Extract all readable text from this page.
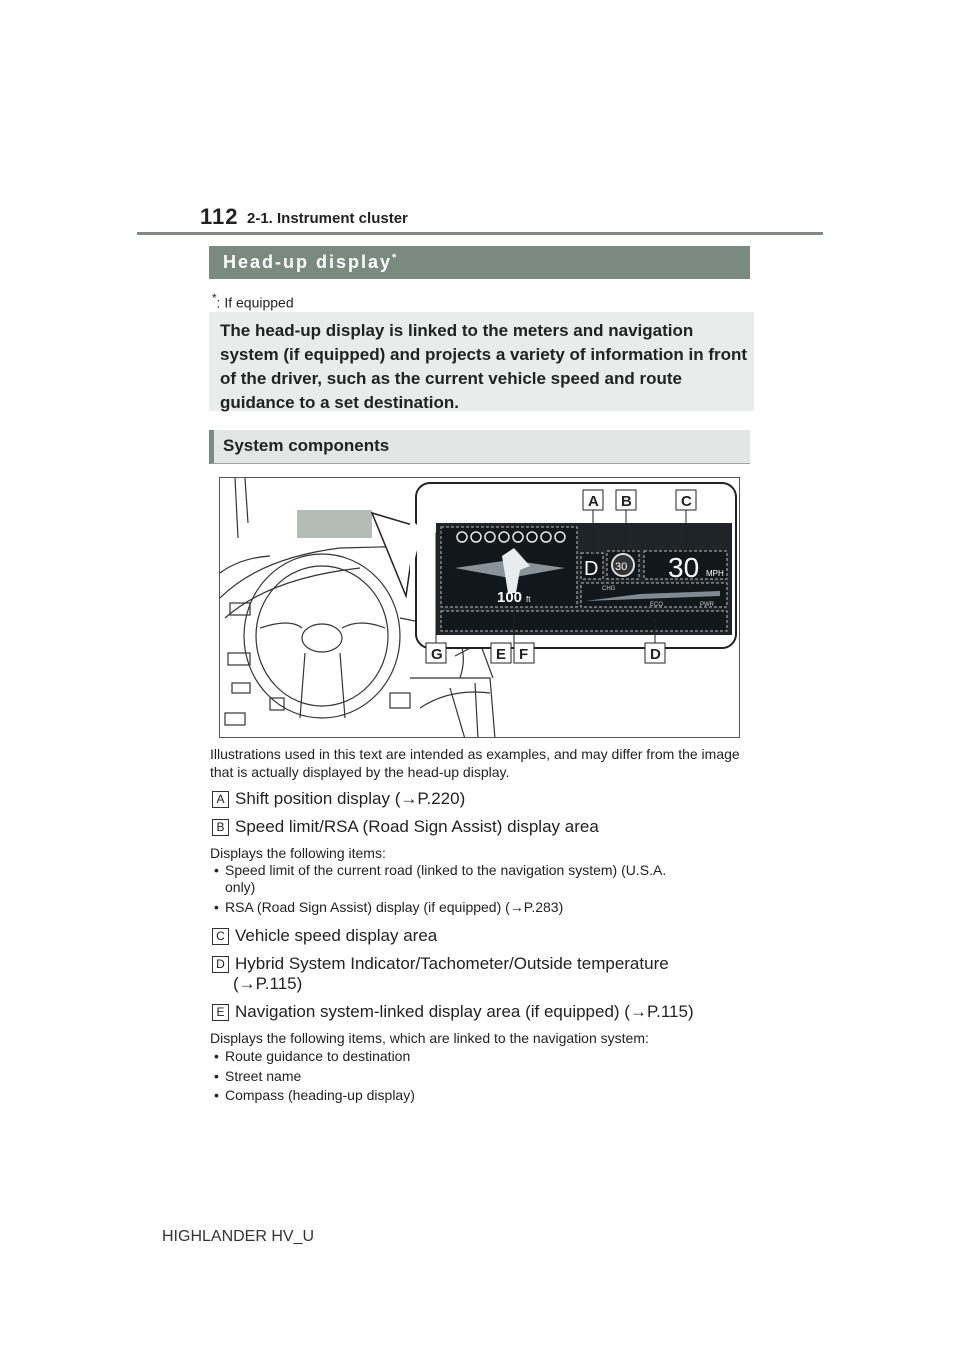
112 2-1. Instrument cluster
Head-up display*
*: If equipped

The head-up display is linked to the meters and navigation system (if equipped) and projects a variety of information in front of the driver, such as the current vehicle speed and route guidance to a set destination.

System components
100 ft
D 30 30 MPH
CHG
ECO	PWR
A B	C
G	E F	D
Illustrations used in this text are intended as examples, and may differ from the image that is actually displayed by the head-up display.
A Shift position display (→P.220)
B Speed limit/RSA (Road Sign Assist) display area
Displays the following items:
• Speed limit of the current road (linked to the navigation system) (U.S.A.
only)
• RSA (Road Sign Assist) display (if equipped) (→P.283)
C Vehicle speed display area
D Hybrid System Indicator/Tachometer/Outside temperature
(→P.115)
E Navigation system-linked display area (if equipped) (→P.115)
Displays the following items, which are linked to the navigation system:
• Route guidance to destination
• Street name
• Compass (heading-up display)
HIGHLANDER HV_U
